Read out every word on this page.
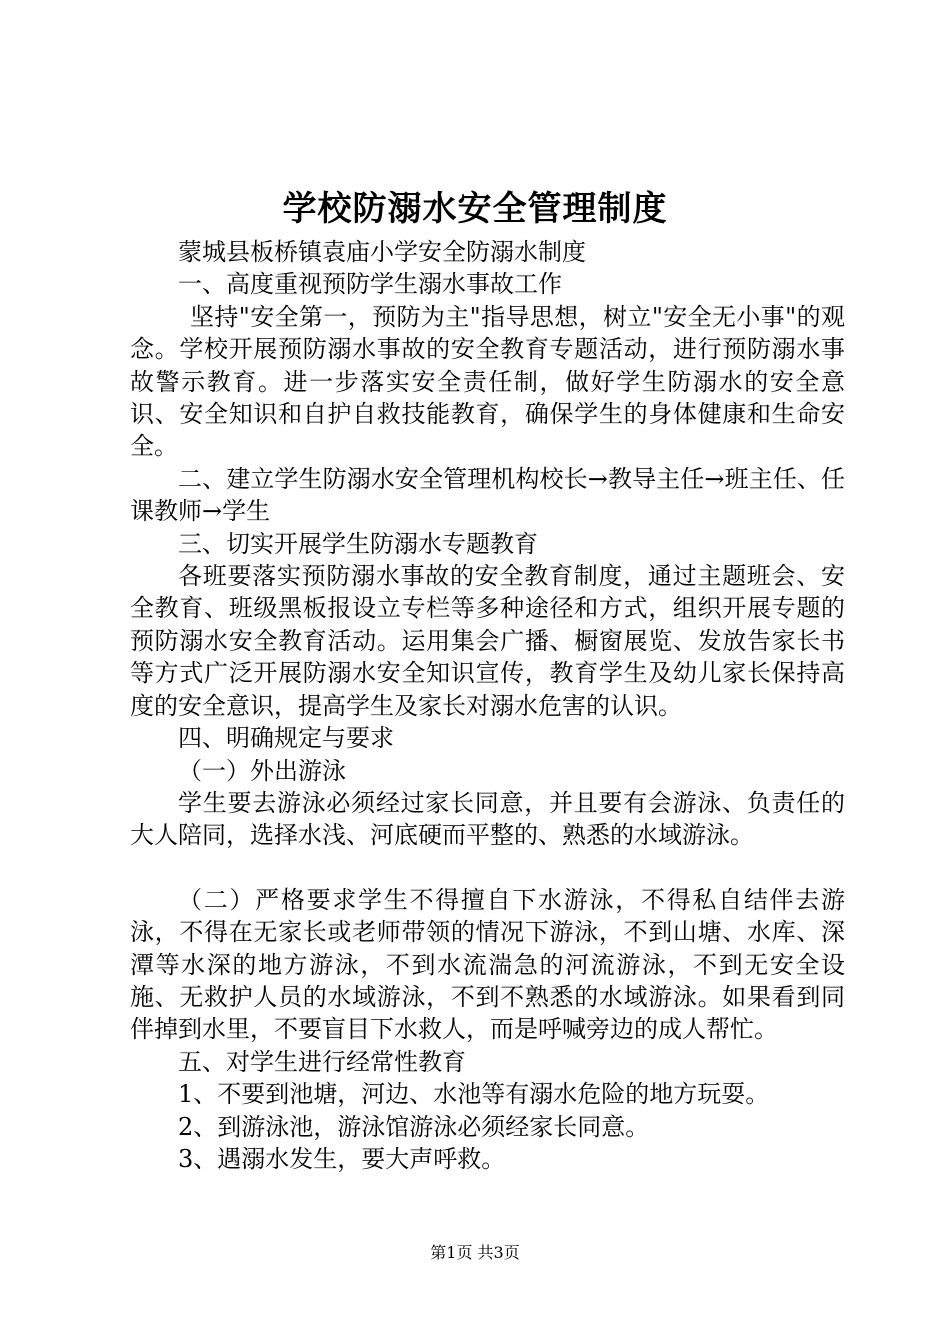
学校防溺水安全管理制度

蒙城县板桥镇袁庙小学安全防溺水制度

一、高度重视预防学生溺水事故工作

坚持"安全第一，预防为主"指导思想，树立"安全无小事"的观念。学校开展预防溺水事故的安全教育专题活动，进行预防溺水事故警示教育。进一步落实安全责任制，做好学生防溺水的安全意识、安全知识和自护自救技能教育，确保学生的身体健康和生命安全。

二、建立学生防溺水安全管理机构校长→教导主任→班主任、任课教师→学生

三、切实开展学生防溺水专题教育

各班要落实预防溺水事故的安全教育制度，通过主题班会、安全教育、班级黑板报设立专栏等多种途径和方式，组织开展专题的预防溺水安全教育活动。运用集会广播、橱窗展览、发放告家长书等方式广泛开展防溺水安全知识宣传，教育学生及幼儿家长保持高度的安全意识，提高学生及家长对溺水危害的认识。

四、明确规定与要求

（一）外出游泳

学生要去游泳必须经过家长同意，并且要有会游泳、负责任的大人陪同，选择水浅、河底硬而平整的、熟悉的水域游泳。

（二）严格要求学生不得擅自下水游泳，不得私自结伴去游泳，不得在无家长或老师带领的情况下游泳，不到山塘、水库、深潭等水深的地方游泳，不到水流湍急的河流游泳，不到无安全设施、无救护人员的水域游泳，不到不熟悉的水域游泳。如果看到同伴掉到水里，不要盲目下水救人，而是呼喊旁边的成人帮忙。

五、对学生进行经常性教育

1、不要到池塘，河边、水池等有溺水危险的地方玩耍。

2、到游泳池，游泳馆游泳必须经家长同意。

3、遇溺水发生，要大声呼救。

第1页 共3页
